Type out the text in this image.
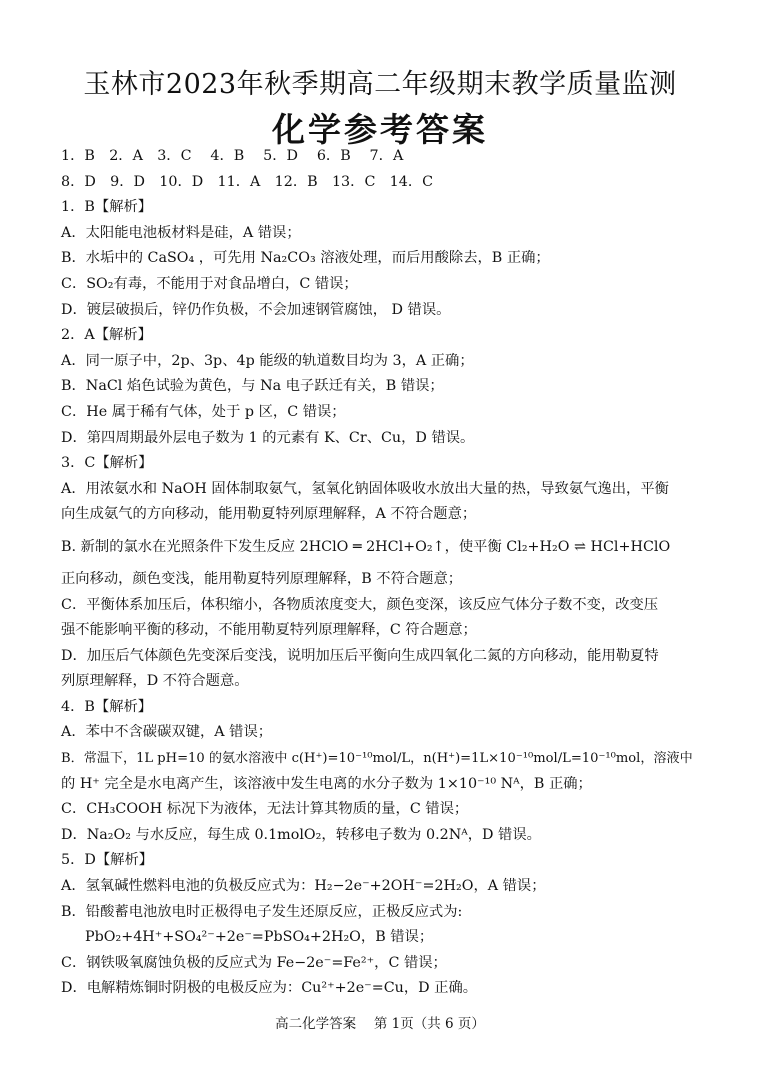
玉林市2023年秋季期高二年级期末教学质量监测
化学参考答案
1．B　2．A　3．C　 4．B　 5．D　 6．B　 7．A
8．D　9．D　10．D　11．A　12．B　13．C　14．C
1．B【解析】
A．太阳能电池板材料是硅，A 错误；
B．水垢中的 CaSO₄ ，可先用 Na₂CO₃ 溶液处理，而后用酸除去，B 正确；
C．SO₂有毒，不能用于对食品增白，C 错误；
D．镀层破损后，锌仍作负极，不会加速钢管腐蚀， D 错误。
2．A【解析】
A．同一原子中，2p、3p、4p 能级的轨道数目均为 3，A 正确；
B．NaCl 焰色试验为黄色，与 Na 电子跃迁有关，B 错误；
C．He 属于稀有气体，处于 p 区，C 错误；
D．第四周期最外层电子数为 1 的元素有 K、Cr、Cu，D 错误。
3．C【解析】
A．用浓氨水和 NaOH 固体制取氨气，氢氧化钠固体吸收水放出大量的热，导致氨气逸出，平衡
向生成氨气的方向移动，能用勒夏特列原理解释，A 不符合题意；
B. 新制的氯水在光照条件下发生反应 2HClO ═ 2HCl+O₂↑，使平衡 Cl₂+H₂O ⇌ HCl+HClO
正向移动，颜色变浅，能用勒夏特列原理解释，B 不符合题意；
C．平衡体系加压后，体积缩小，各物质浓度变大，颜色变深，该反应气体分子数不变，改变压
强不能影响平衡的移动，不能用勒夏特列原理解释，C 符合题意；
D．加压后气体颜色先变深后变浅，说明加压后平衡向生成四氧化二氮的方向移动，能用勒夏特
列原理解释，D 不符合题意。
4．B【解析】
A．苯中不含碳碳双键，A 错误；
B．常温下，1L pH=10 的氨水溶液中 c(H⁺)=10⁻¹⁰mol/L，n(H⁺)=1L×10⁻¹⁰mol/L=10⁻¹⁰mol，溶液中
的 H⁺ 完全是水电离产生，该溶液中发生电离的水分子数为 1×10⁻¹⁰ Nᴬ，B 正确；
C．CH₃COOH 标况下为液体，无法计算其物质的量，C 错误；
D．Na₂O₂ 与水反应，每生成 0.1molO₂，转移电子数为 0.2Nᴬ，D 错误。
5．D【解析】
A．氢氧碱性燃料电池的负极反应式为：H₂−2e⁻+2OH⁻=2H₂O，A 错误；
B．铅酸蓄电池放电时正极得电子发生还原反应，正极反应式为:
PbO₂+4H⁺+SO₄²⁻+2e⁻=PbSO₄+2H₂O，B 错误；
C．钢铁吸氧腐蚀负极的反应式为 Fe−2e⁻=Fe²⁺，C 错误；
D．电解精炼铜时阴极的电极反应为：Cu²⁺+2e⁻=Cu，D 正确。
高二化学答案　 第 1页（共 6 页）
